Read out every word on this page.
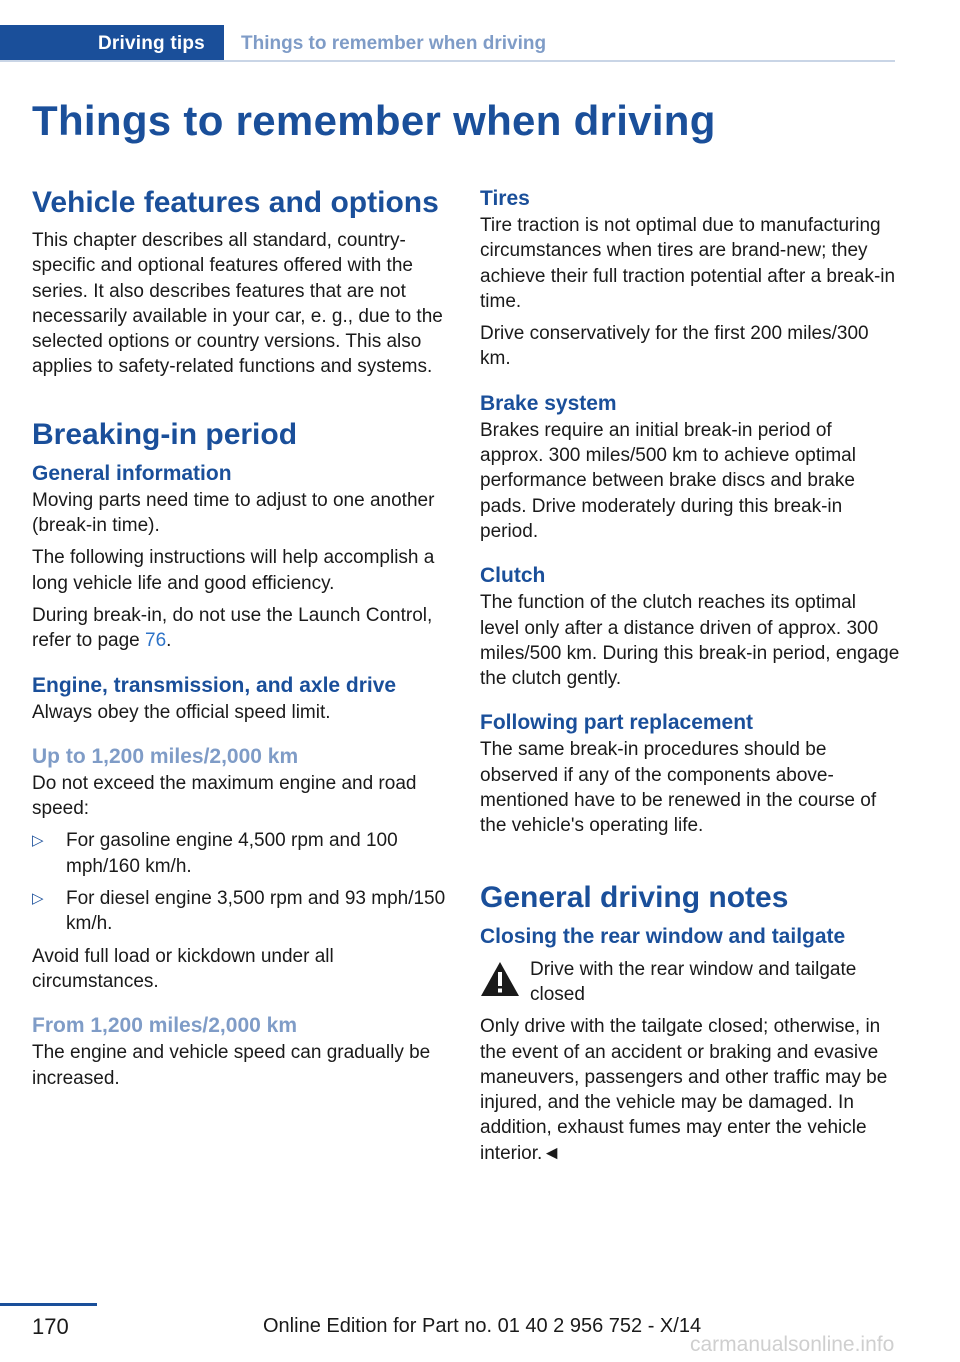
Driving tips	Things to remember when driving
Things to remember when driving
Vehicle features and options

This chapter describes all standard, country-specific and optional features offered with the series. It also describes features that are not necessarily available in your car, e. g., due to the selected options or country versions. This also applies to safety-related functions and systems.

Breaking-in period
General information

Moving parts need time to adjust to one another (break-in time).

The following instructions will help accomplish a long vehicle life and good efficiency.

During break-in, do not use the Launch Control, refer to page 76.

Engine, transmission, and axle drive

Always obey the official speed limit.

Up to 1,200 miles/2,000 km

Do not exceed the maximum engine and road speed:

▷ For gasoline engine 4,500 rpm and 100 mph/160 km/h.
▷ For diesel engine 3,500 rpm and 93 mph/150 km/h.

Avoid full load or kickdown under all circumstances.

From 1,200 miles/2,000 km

The engine and vehicle speed can gradually be increased.

Tires

Tire traction is not optimal due to manufacturing circumstances when tires are brand-new; they achieve their full traction potential after a break-in time.

Drive conservatively for the first 200 miles/300 km.

Brake system

Brakes require an initial break-in period of approx. 300 miles/500 km to achieve optimal performance between brake discs and brake pads. Drive moderately during this break-in period.

Clutch

The function of the clutch reaches its optimal level only after a distance driven of approx. 300 miles/500 km. During this break-in period, engage the clutch gently.

Following part replacement

The same break-in procedures should be observed if any of the components above-mentioned have to be renewed in the course of the vehicle's operating life.

General driving notes
Closing the rear window and tailgate

Drive with the rear window and tailgate closed

Only drive with the tailgate closed; otherwise, in the event of an accident or braking and evasive maneuvers, passengers and other traffic may be injured, and the vehicle may be damaged. In addition, exhaust fumes may enter the vehicle interior.◄

170	Online Edition for Part no. 01 40 2 956 752 - X/14
carmanualsonline.info
